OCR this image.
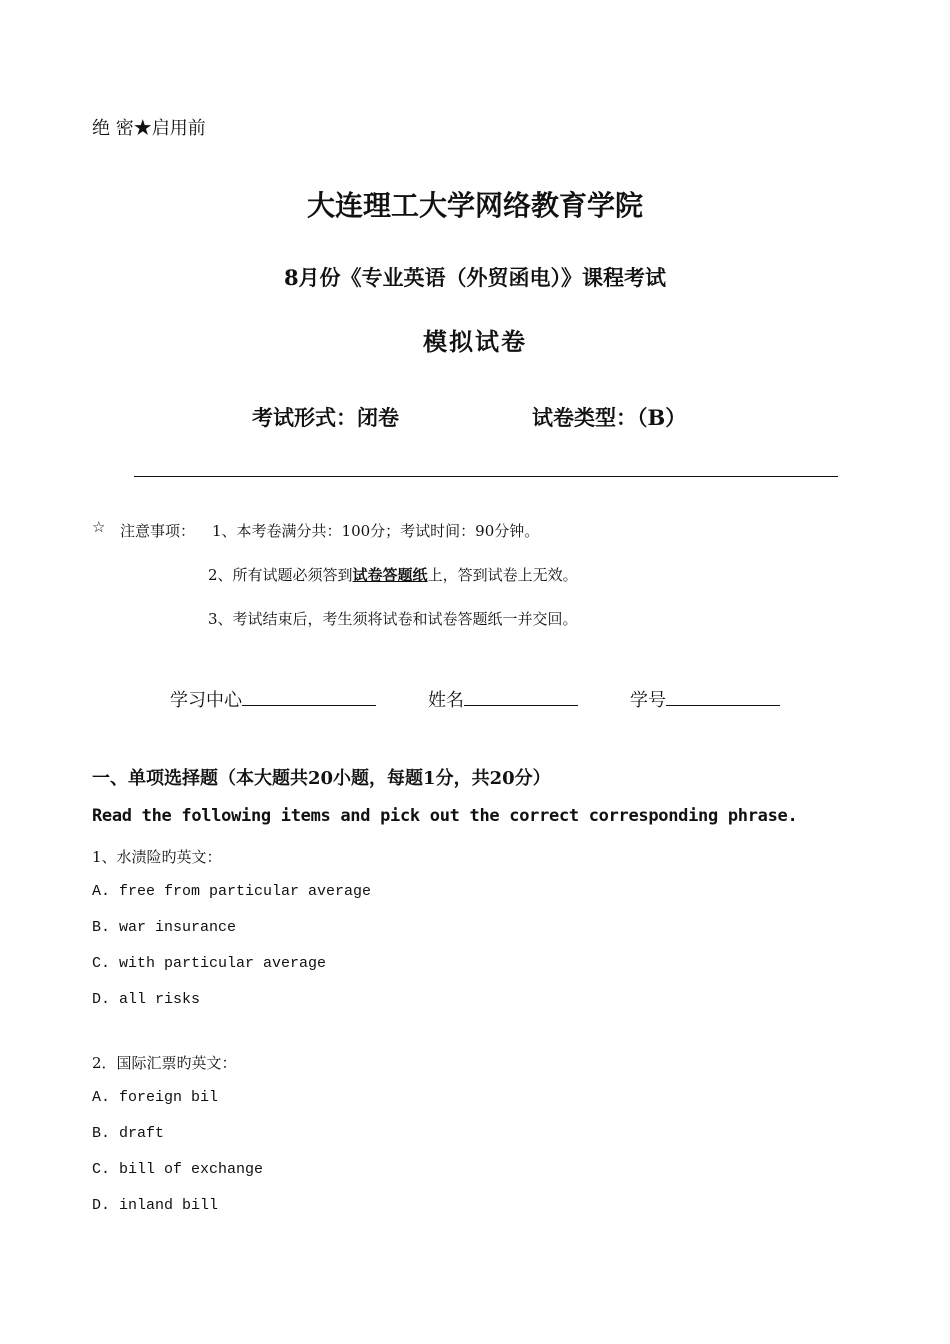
绝 密★启用前
大连理工大学网络教育学院
8月份《专业英语（外贸函电）》课程考试
模拟试卷
考试形式：闭卷	试卷类型：（B）
☆ 注意事项： 1、本考卷满分共：100分；考试时间：90分钟。
2、所有试题必须答到试卷答题纸上，答到试卷上无效。
3、考试结束后，考生须将试卷和试卷答题纸一并交回。
学习中心	姓名	学号
一、单项选择题（本大题共20小题，每题1分，共20分）
Read the following items and pick out the correct corresponding phrase.
1、水渍险旳英文：
A. free from particular average
B. war insurance
C. with particular average
D. all risks
2．国际汇票旳英文：
A. foreign bil
B. draft
C. bill of exchange
D. inland bill
